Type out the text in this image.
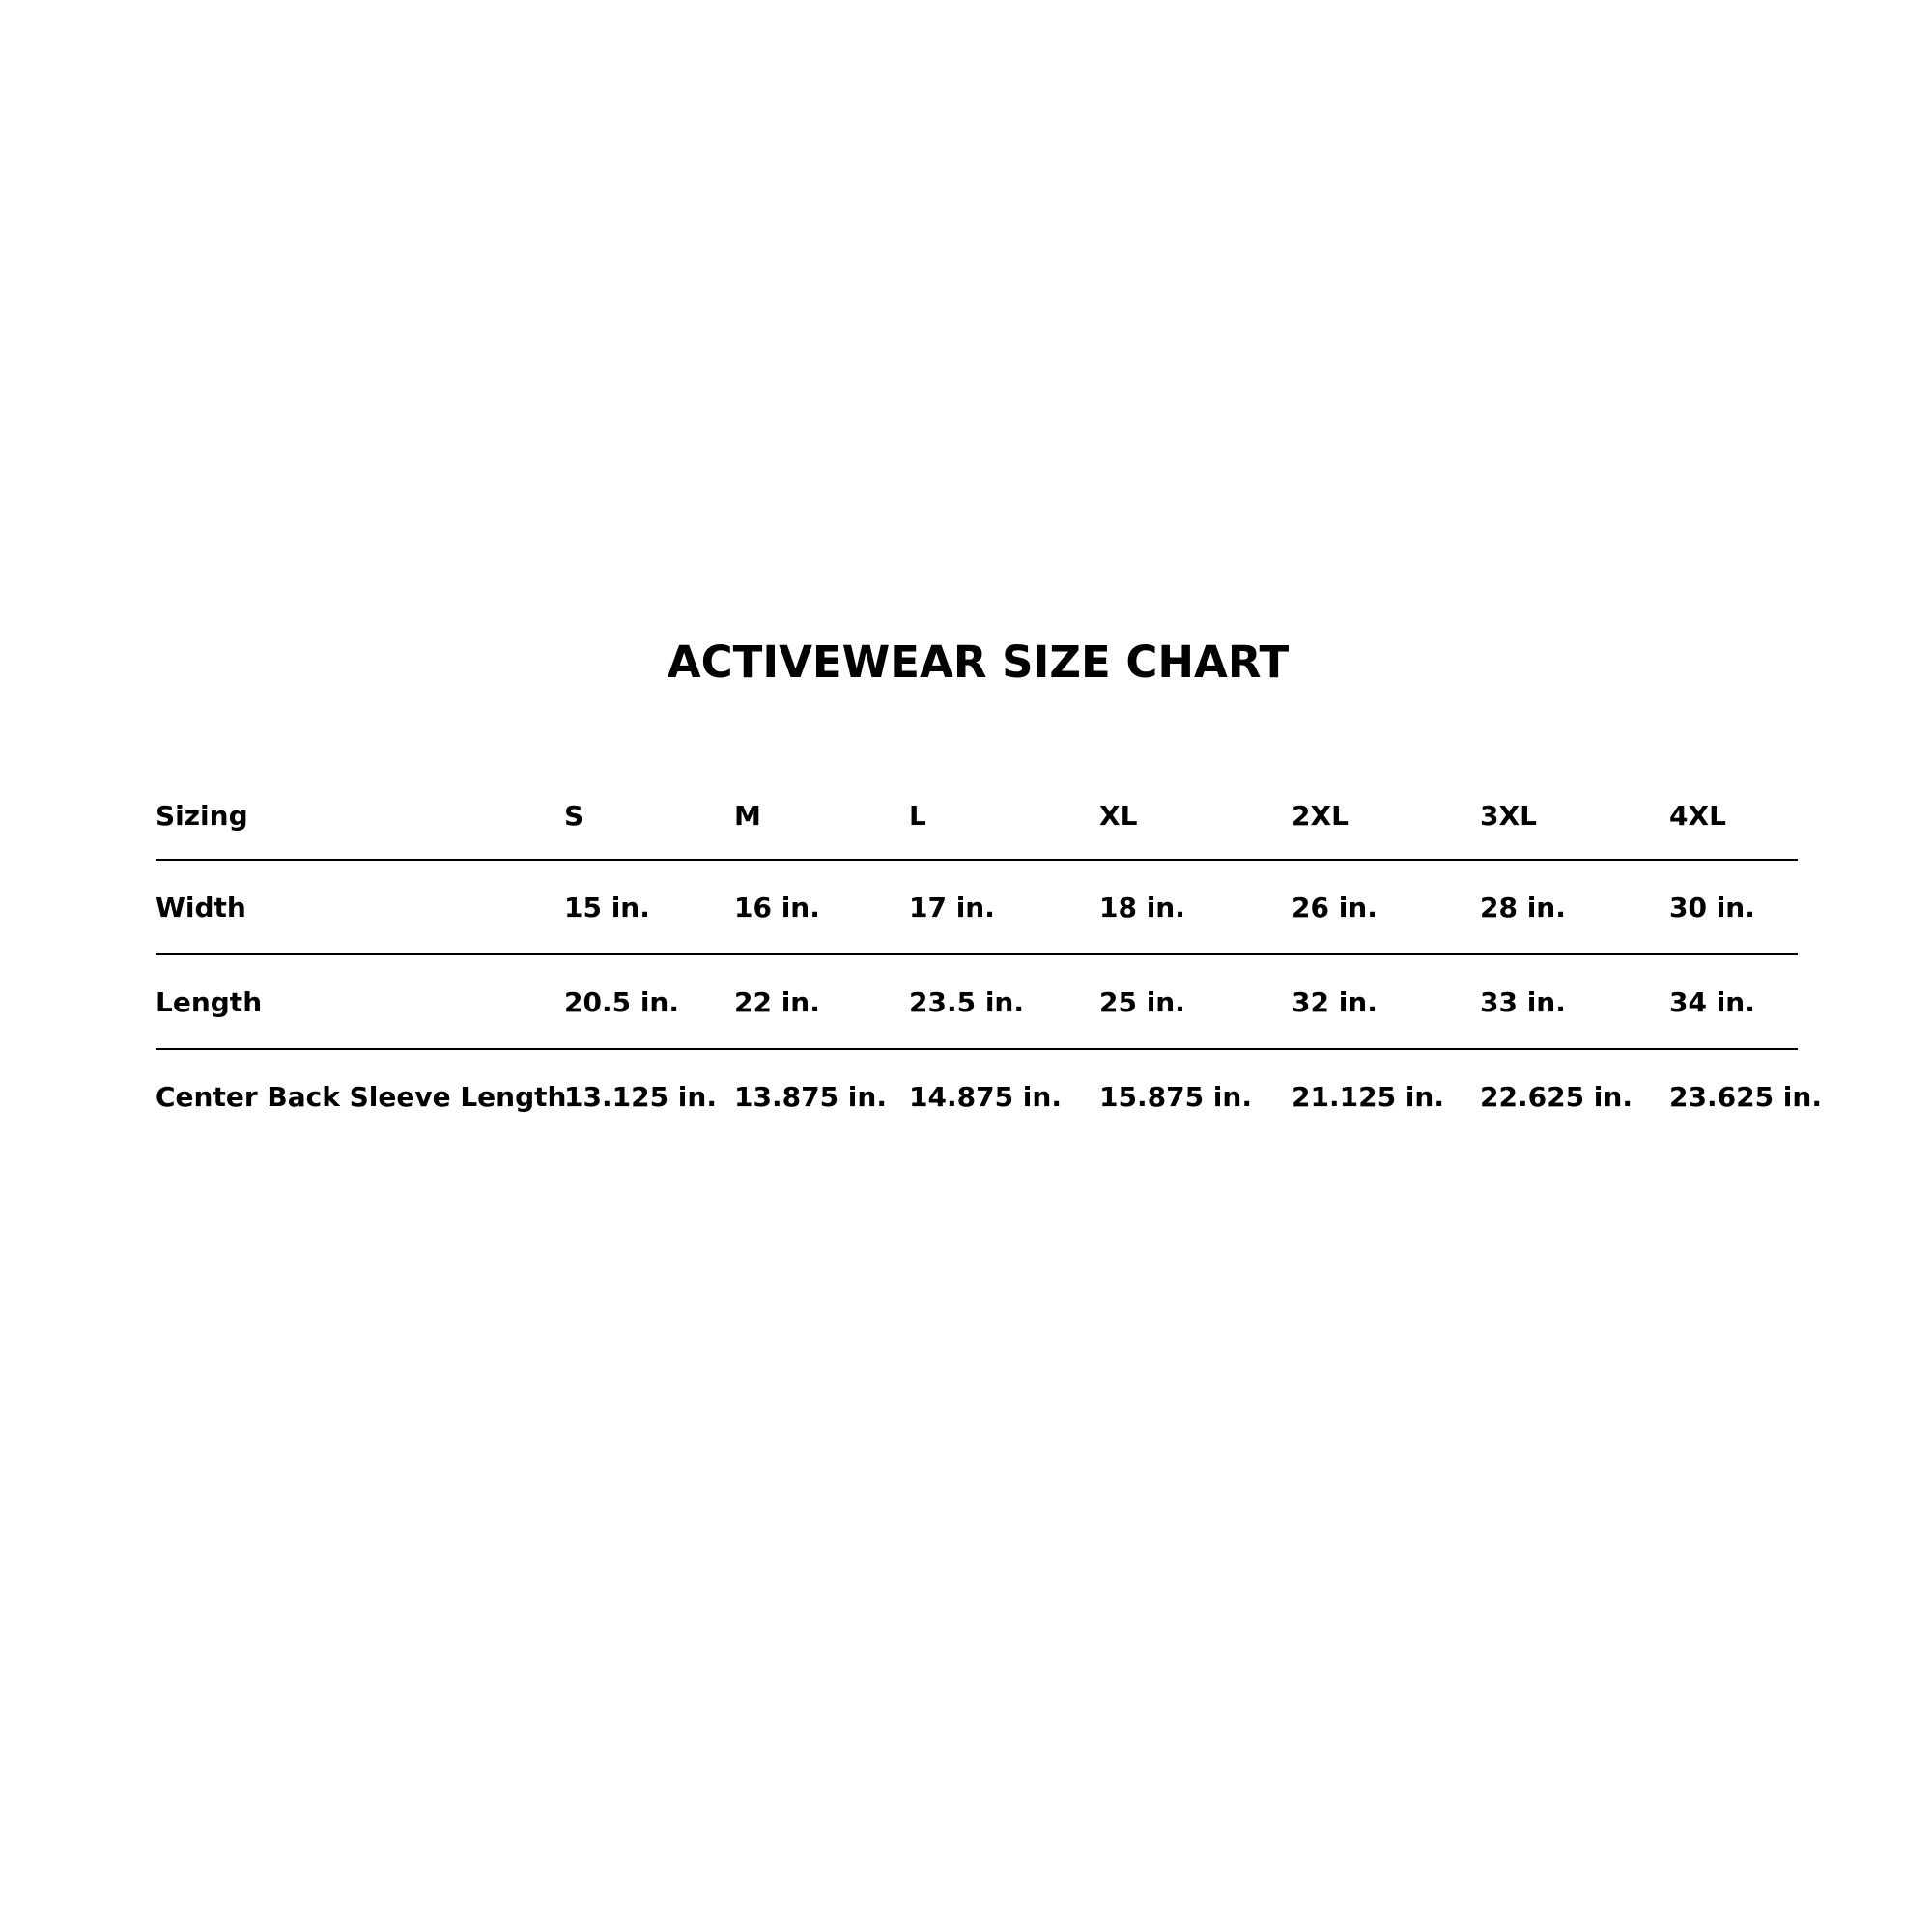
ACTIVEWEAR SIZE CHART
Sizing	S	M	L	XL	2XL	3XL	4XL
Width	15 in.	16 in.	17 in.	18 in.	26 in.	28 in.	30 in.
Length	20.5 in.	22 in.	23.5 in.	25 in.	32 in.	33 in.	34 in.
Center Back Sleeve Length	13.125 in.	13.875 in.	14.875 in.	15.875 in.	21.125 in.	22.625 in.	23.625 in.
